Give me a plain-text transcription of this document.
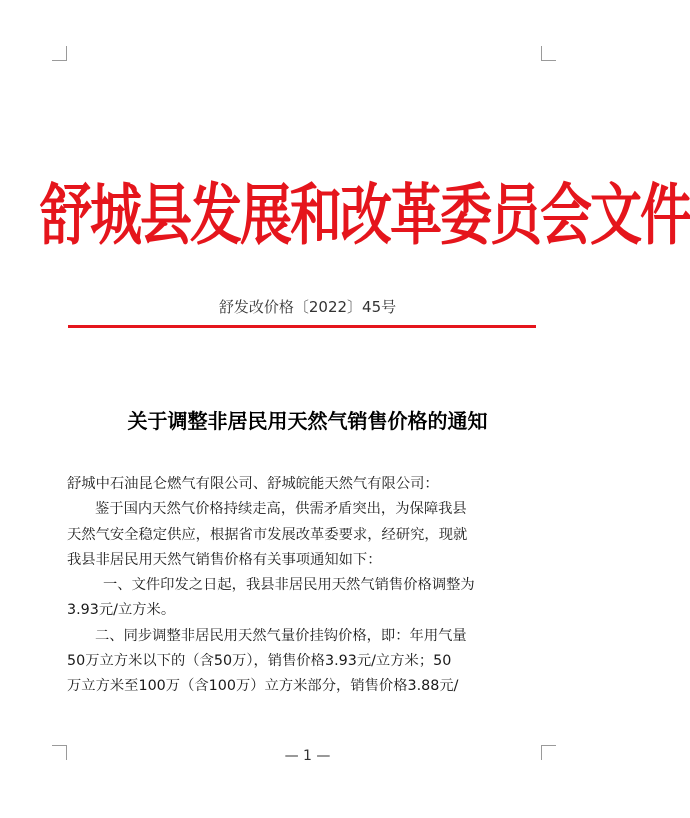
舒城县发展和改革委员会文件
舒发改价格〔2022〕45号
关于调整非居民用天然气销售价格的通知

舒城中石油昆仑燃气有限公司、舒城皖能天然气有限公司：

鉴于国内天然气价格持续走高，供需矛盾突出，为保障我县

天然气安全稳定供应，根据省市发展改革委要求，经研究，现就

我县非居民用天然气销售价格有关事项通知如下：

一、文件印发之日起，我县非居民用天然气销售价格调整为

3.93元/立方米。

二、同步调整非居民用天然气量价挂钩价格，即：年用气量

50万立方米以下的（含50万），销售价格3.93元/立方米；50

万立方米至100万（含100万）立方米部分，销售价格3.88元/

— 1 —
